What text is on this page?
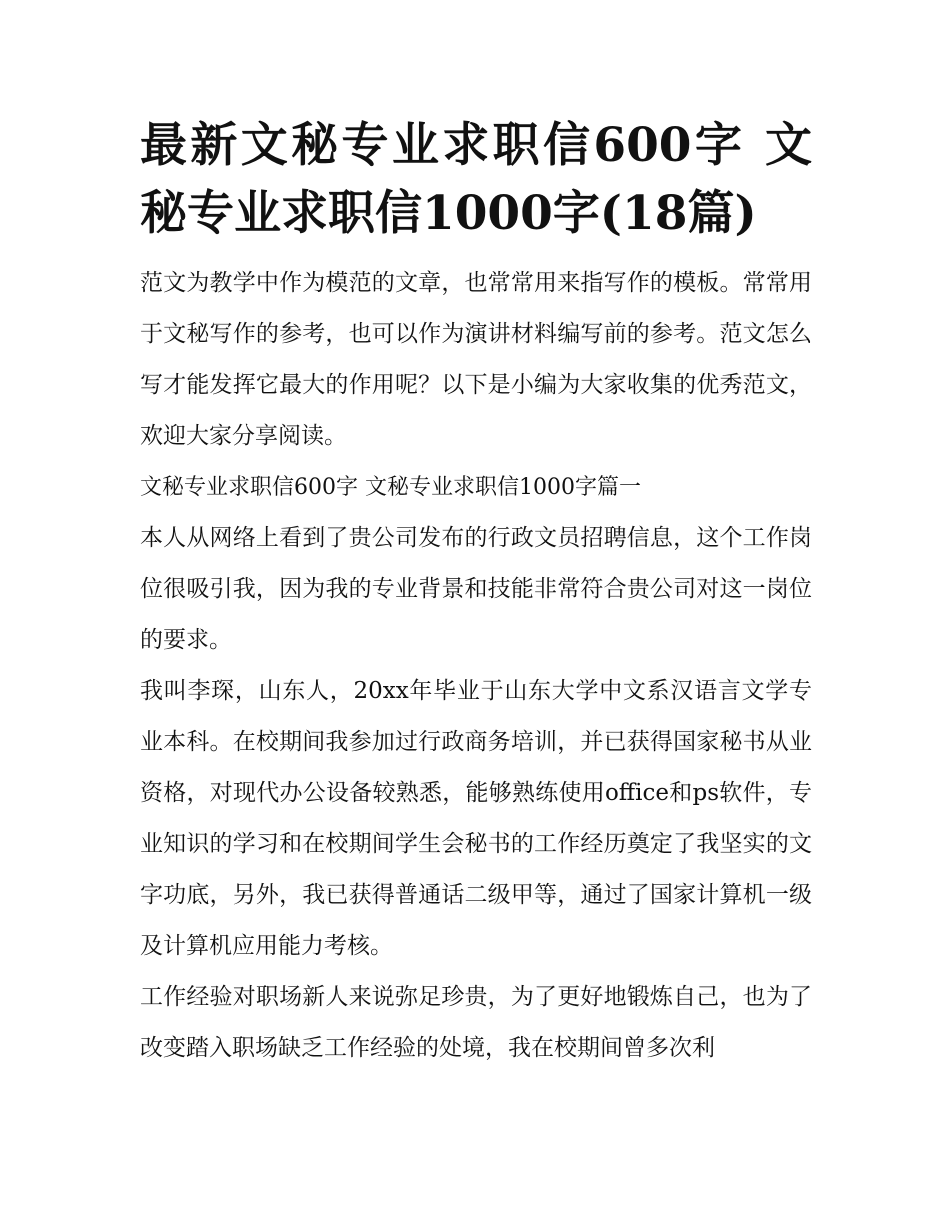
最新文秘专业求职信600字 文秘专业求职信1000字(18篇)

范文为教学中作为模范的文章，也常常用来指写作的模板。常常用于文秘写作的参考，也可以作为演讲材料编写前的参考。范文怎么写才能发挥它最大的作用呢？以下是小编为大家收集的优秀范文，欢迎大家分享阅读。

文秘专业求职信600字 文秘专业求职信1000字篇一

本人从网络上看到了贵公司发布的行政文员招聘信息，这个工作岗位很吸引我，因为我的专业背景和技能非常符合贵公司对这一岗位的要求。

我叫李琛，山东人，20xx年毕业于山东大学中文系汉语言文学专业本科。在校期间我参加过行政商务培训，并已获得国家秘书从业资格，对现代办公设备较熟悉，能够熟练使用office和ps软件，专业知识的学习和在校期间学生会秘书的工作经历奠定了我坚实的文字功底，另外，我已获得普通话二级甲等，通过了国家计算机一级及计算机应用能力考核。

工作经验对职场新人来说弥足珍贵，为了更好地锻炼自己，也为了改变踏入职场缺乏工作经验的处境，我在校期间曾多次利
